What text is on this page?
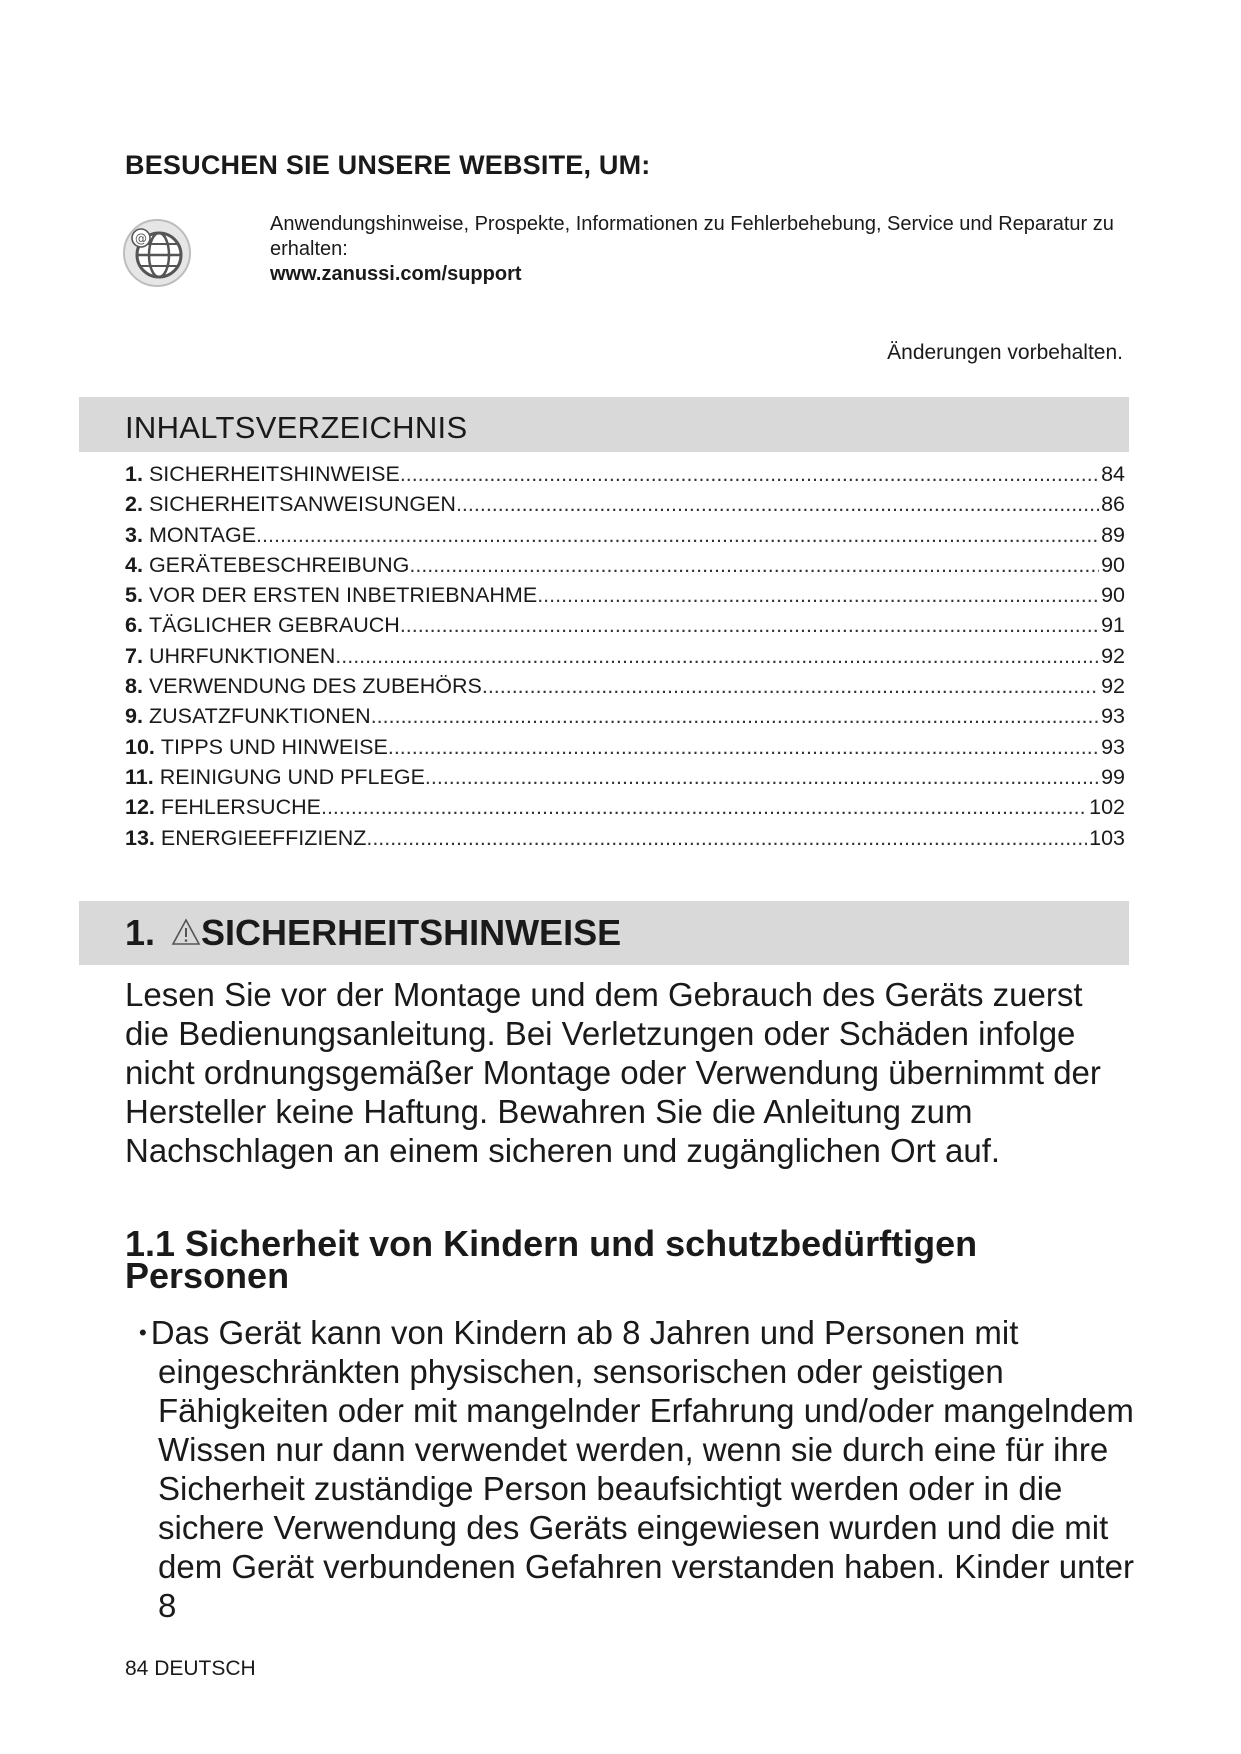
BESUCHEN SIE UNSERE WEBSITE, UM:
@
Anwendungshinweise, Prospekte, Informationen zu Fehlerbehebung, Service und Reparatur zu erhalten:
www.zanussi.com/support
Änderungen vorbehalten.
INHALTSVERZEICHNIS
1. SICHERHEITSHINWEISE .....	84
2. SICHERHEITSANWEISUNGEN .....	86
3. MONTAGE .....	89
4. GERÄTEBESCHREIBUNG .....	90
5. VOR DER ERSTEN INBETRIEBNAHME .....	90
6. TÄGLICHER GEBRAUCH .....	91
7. UHRFUNKTIONEN .....	92
8. VERWENDUNG DES ZUBEHÖRS .....	92
9. ZUSATZFUNKTIONEN .....	93
10. TIPPS UND HINWEISE .....	93
11. REINIGUNG UND PFLEGE .....	99
12. FEHLERSUCHE .....	102
13. ENERGIEEFFIZIENZ .....	103
1. SICHERHEITSHINWEISE
Lesen Sie vor der Montage und dem Gebrauch des Geräts zuerst die Bedienungsanleitung. Bei Verletzungen oder Schäden infolge nicht ordnungsgemäßer Montage oder Verwendung übernimmt der Hersteller keine Haftung. Bewahren Sie die Anleitung zum Nachschlagen an einem sicheren und zugänglichen Ort auf.
1.1 Sicherheit von Kindern und schutzbedürftigen Personen
• Das Gerät kann von Kindern ab 8 Jahren und Personen mit eingeschränkten physischen, sensorischen oder geistigen Fähigkeiten oder mit mangelnder Erfahrung und/oder mangelndem Wissen nur dann verwendet werden, wenn sie durch eine für ihre Sicherheit zuständige Person beaufsichtigt werden oder in die sichere Verwendung des Geräts eingewiesen wurden und die mit dem Gerät verbundenen Gefahren verstanden haben. Kinder unter 8
84 DEUTSCH
